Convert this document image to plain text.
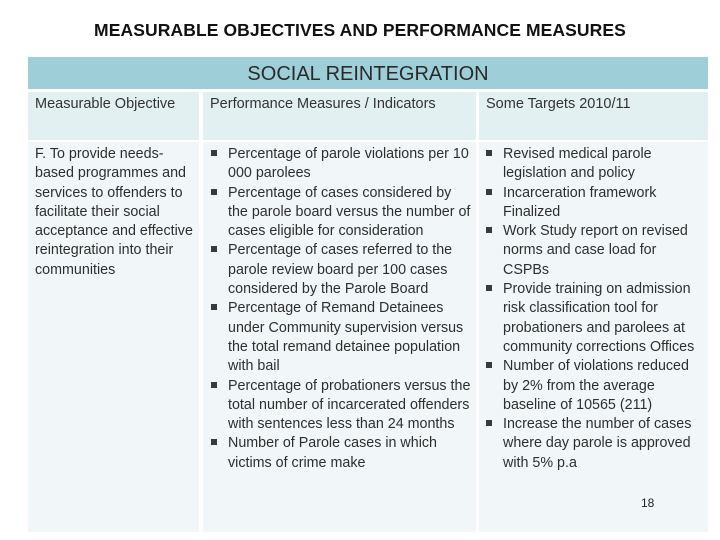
MEASURABLE OBJECTIVES AND PERFORMANCE MEASURES
SOCIAL REINTEGRATION
Measurable Objective Performance Measures / Indicators	Some Targets 2010/11
F. To provide needs-based programmes and services to offenders to facilitate their social acceptance and effective reintegration into their communities
Percentage of parole violations per 10 000 parolees
Percentage of cases considered by the parole board versus the number of cases eligible for consideration
Percentage of cases referred to the parole review board per 100 cases considered by the Parole Board
Percentage of Remand Detainees under Community supervision versus the total remand detainee population with bail
Percentage of probationers versus the total number of incarcerated offenders with sentences less than 24 months
Number of Parole cases in which victims of crime make
Revised medical parole legislation and policy
Incarceration framework Finalized
Work Study report on revised norms and case load for CSPBs
Provide training on admission risk classification tool for probationers and parolees at community corrections Offices
Number of violations reduced by 2% from the average baseline of 10565 (211)
Increase the number of cases where day parole is approved with 5% p.a
18
